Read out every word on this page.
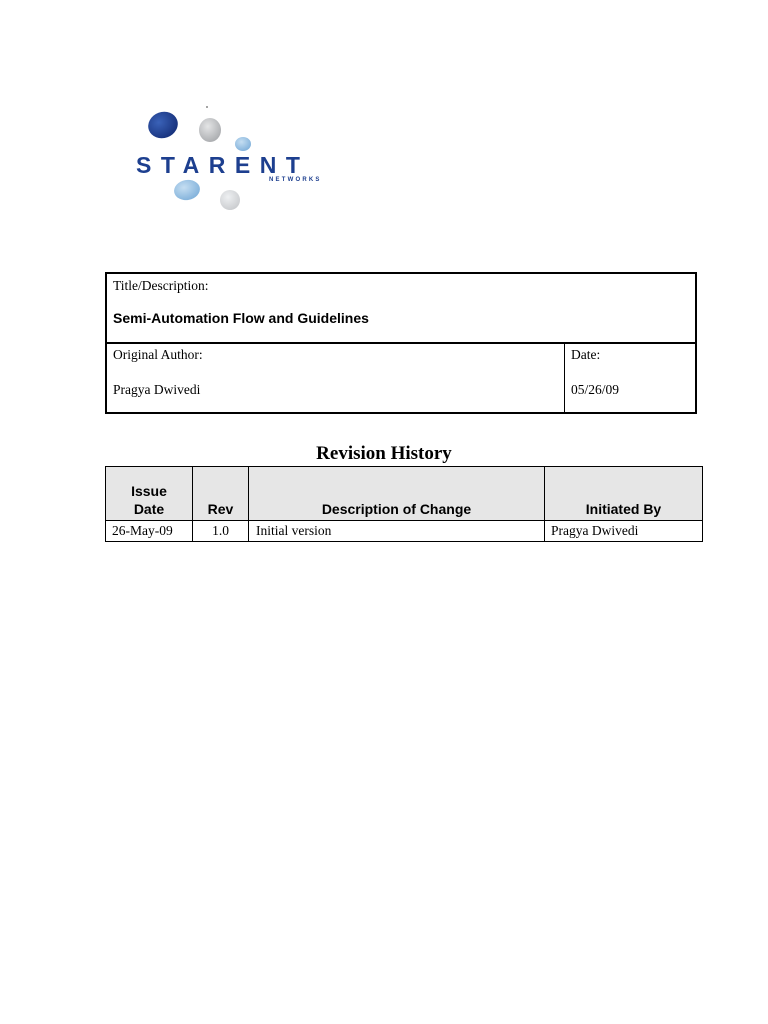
STARENT
NETWORKS
Title/Description:
Semi-Automation Flow and Guidelines
Original Author:
Pragya Dwivedi
Date:
05/26/09
Revision History
Issue
Date	Rev	Description of Change	Initiated By
26-May-09	1.0	Initial version	Pragya Dwivedi
